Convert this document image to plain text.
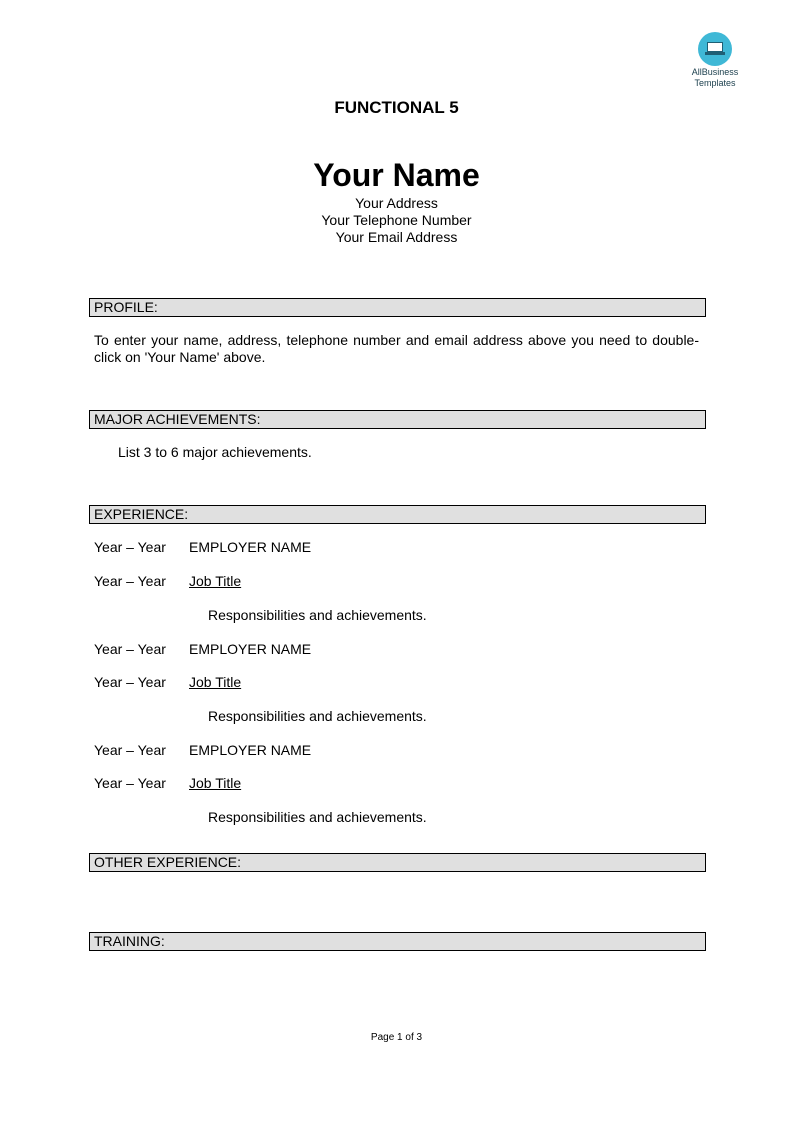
AllBusiness
Templates
FUNCTIONAL 5
Your Name
Your Address
Your Telephone Number
Your Email Address
PROFILE:
To enter your name, address, telephone number and email address above you need to double-click on 'Your Name' above.
MAJOR ACHIEVEMENTS:
List 3 to 6 major achievements.
EXPERIENCE:
Year – Year EMPLOYER NAME
Year – Year Job Title
Responsibilities and achievements.
Year – Year EMPLOYER NAME
Year – Year Job Title
Responsibilities and achievements.
Year – Year EMPLOYER NAME
Year – Year Job Title
Responsibilities and achievements.
OTHER EXPERIENCE:
TRAINING:
Page 1 of 3
